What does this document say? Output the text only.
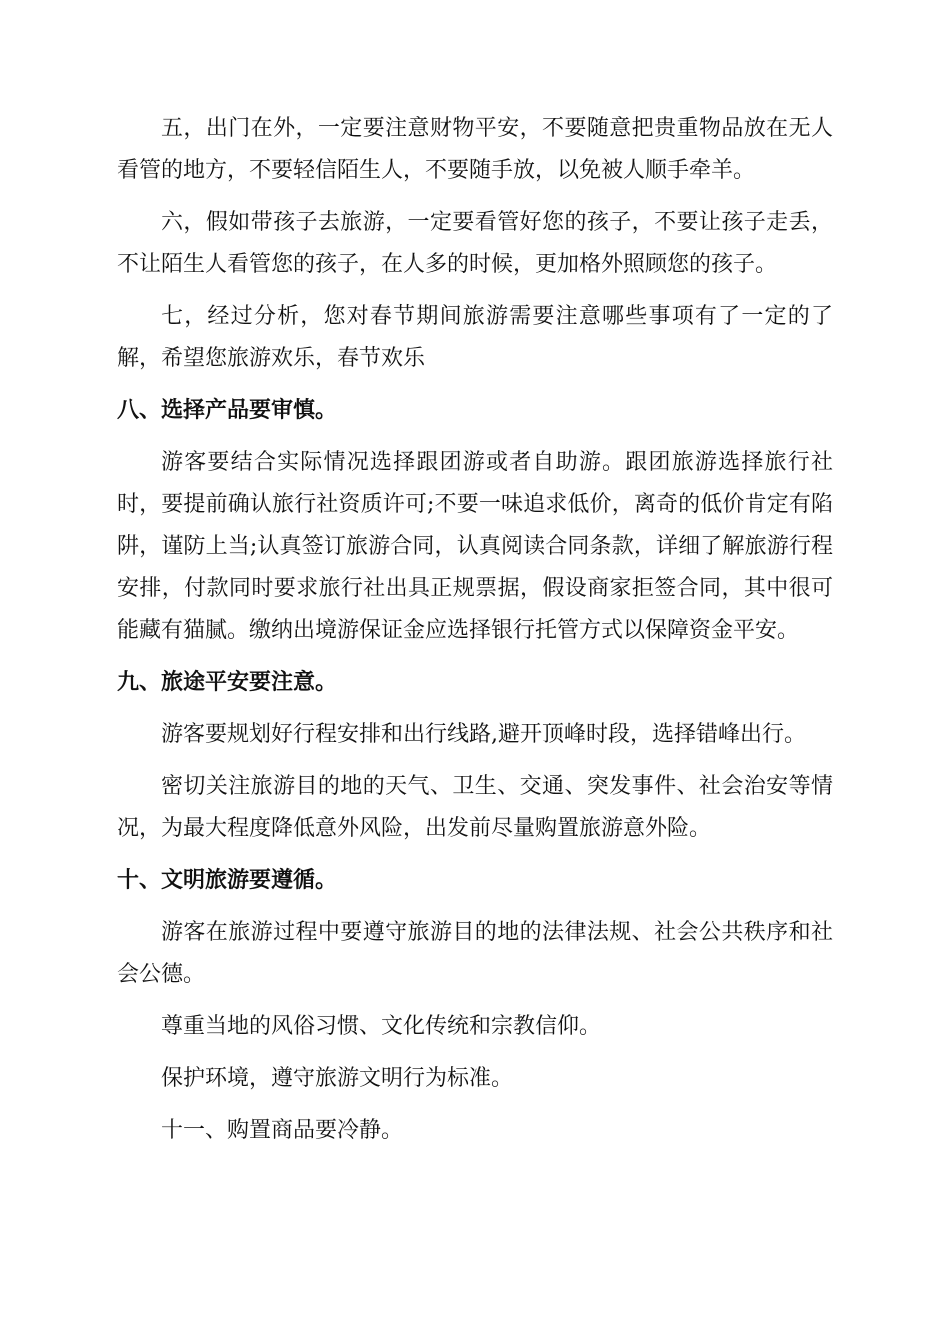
五，出门在外，一定要注意财物平安，不要随意把贵重物品放在无人看管的地方，不要轻信陌生人，不要随手放，以免被人顺手牵羊。

六，假如带孩子去旅游，一定要看管好您的孩子，不要让孩子走丢，不让陌生人看管您的孩子，在人多的时候，更加格外照顾您的孩子。

七，经过分析，您对春节期间旅游需要注意哪些事项有了一定的了解，希望您旅游欢乐，春节欢乐

八、选择产品要审慎。

游客要结合实际情况选择跟团游或者自助游。跟团旅游选择旅行社时，要提前确认旅行社资质许可;不要一味追求低价，离奇的低价肯定有陷阱，谨防上当;认真签订旅游合同，认真阅读合同条款，详细了解旅游行程安排，付款同时要求旅行社出具正规票据，假设商家拒签合同，其中很可能藏有猫腻。缴纳出境游保证金应选择银行托管方式以保障资金平安。

九、旅途平安要注意。

游客要规划好行程安排和出行线路,避开顶峰时段，选择错峰出行。

密切关注旅游目的地的天气、卫生、交通、突发事件、社会治安等情况，为最大程度降低意外风险，出发前尽量购置旅游意外险。

十、文明旅游要遵循。

游客在旅游过程中要遵守旅游目的地的法律法规、社会公共秩序和社会公德。

尊重当地的风俗习惯、文化传统和宗教信仰。

保护环境，遵守旅游文明行为标准。

十一、购置商品要冷静。
